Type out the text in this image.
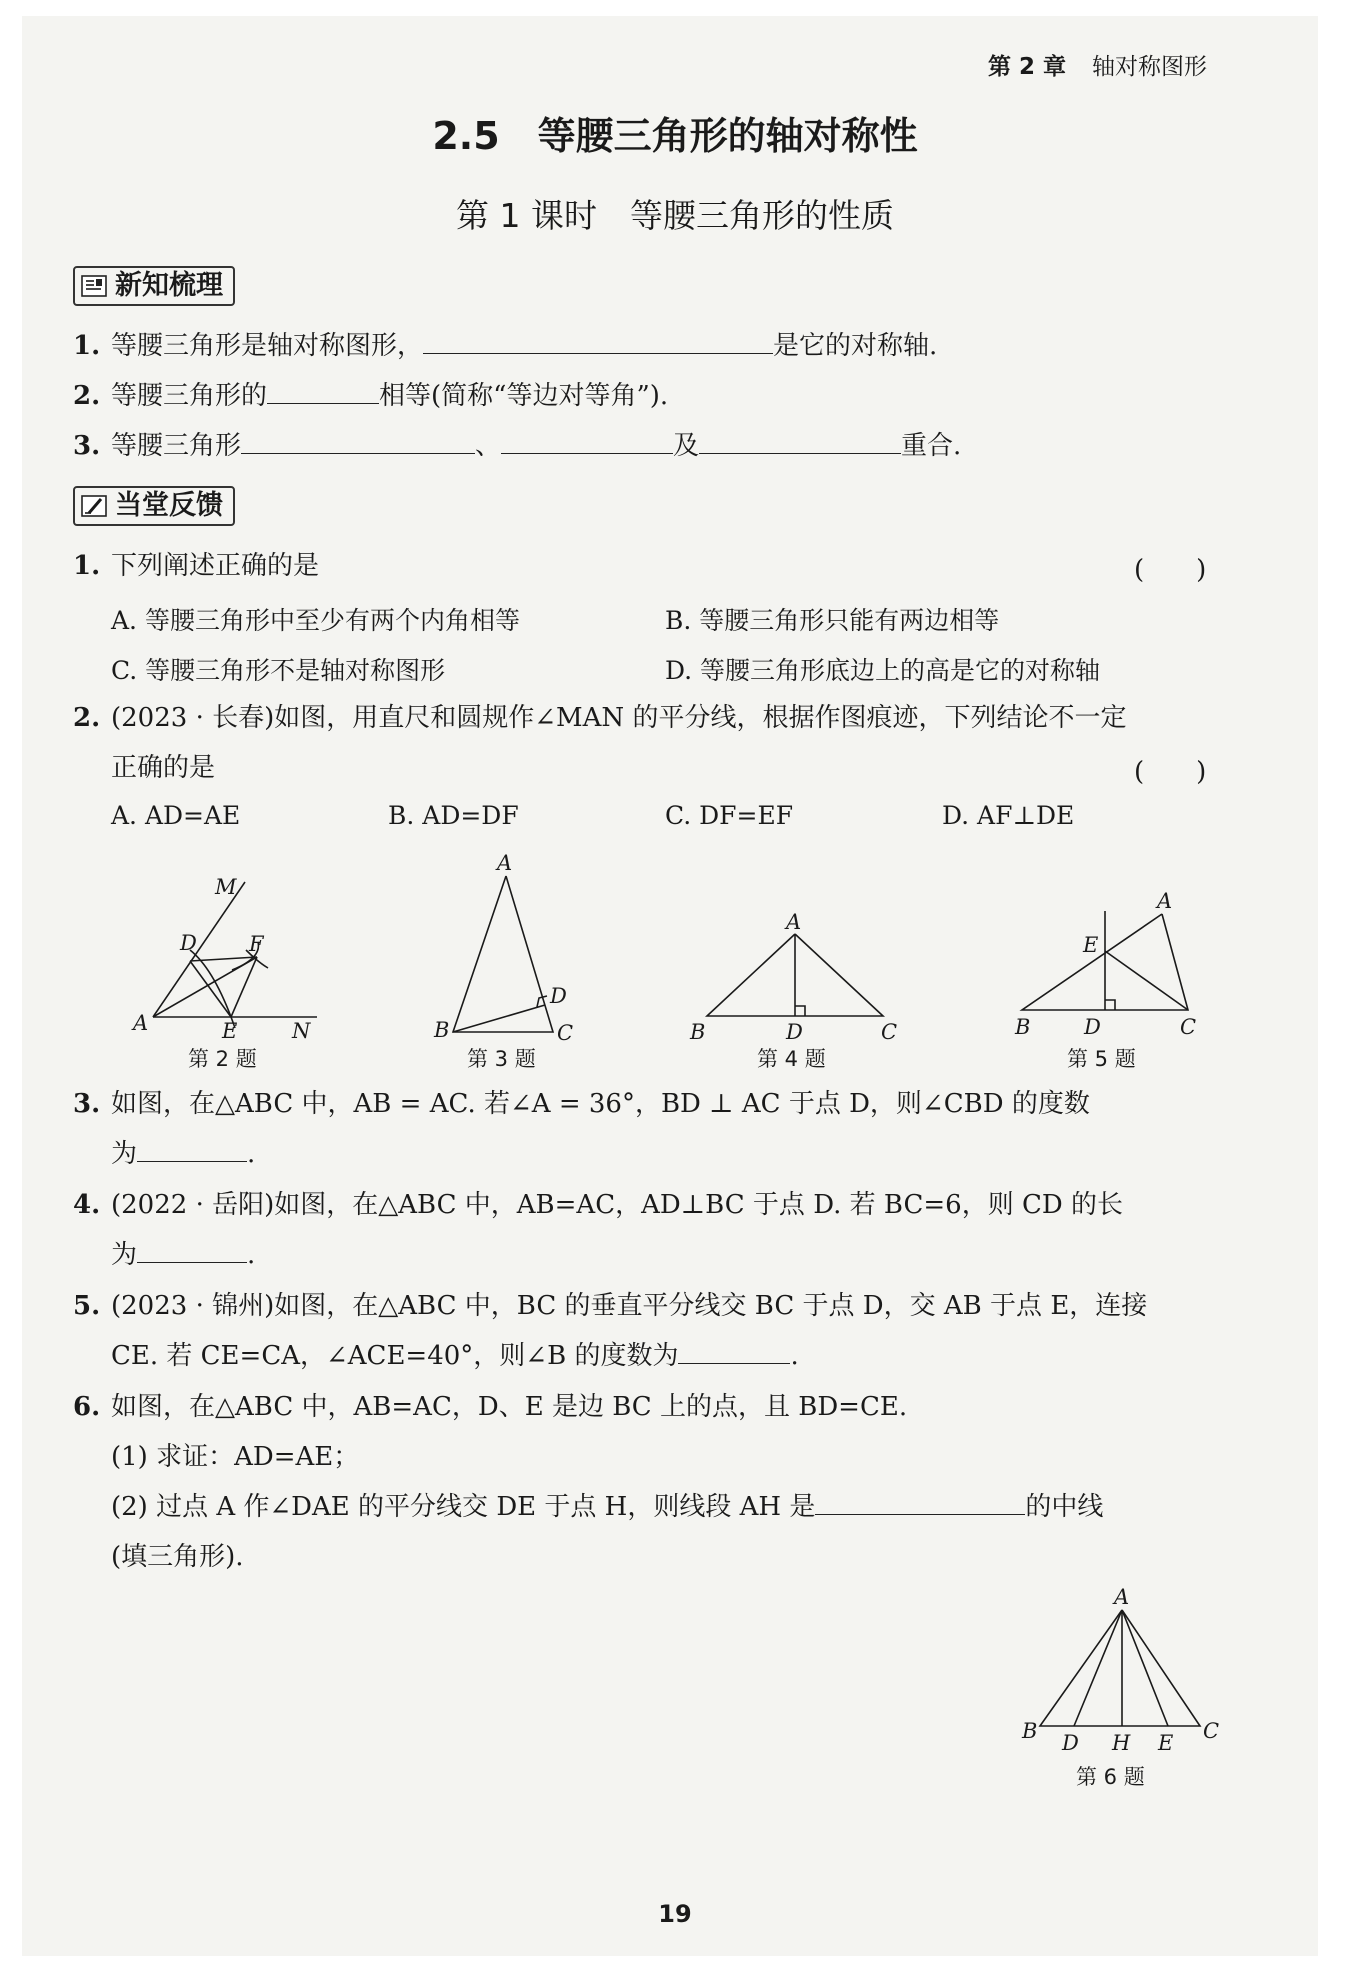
第 2 章 轴对称图形
2.5　等腰三角形的轴对称性
第 1 课时　等腰三角形的性质
新知梳理
1. 等腰三角形是轴对称图形，	是它的对称轴.
2. 等腰三角形的	相等(简称“等边对等角”).
3. 等腰三角形	、	及	重合.
当堂反馈
1. 下列阐述正确的是	(　　)
A. 等腰三角形中至少有两个内角相等	B. 等腰三角形只能有两边相等
C. 等腰三角形不是轴对称图形	D. 等腰三角形底边上的高是它的对称轴
2. (2023 · 长春)如图，用直尺和圆规作∠MAN 的平分线，根据作图痕迹，下列结论不一定
正确的是	(　　)
A. AD=AE	B. AD=DF	C. DF=EF	D. AF⊥DE
M
D F
A	E	N
第 2 题
A
B	C
D
第 3 题
A
B	D	C
第 4 题
A
E
B	D	C
第 5 题
3. 如图，在△ABC 中，AB = AC. 若∠A = 36°，BD ⊥ AC 于点 D，则∠CBD 的度数
为	.
4. (2022 · 岳阳)如图，在△ABC 中，AB=AC，AD⊥BC 于点 D. 若 BC=6，则 CD 的长
为	.
5. (2023 · 锦州)如图，在△ABC 中，BC 的垂直平分线交 BC 于点 D，交 AB 于点 E，连接
CE. 若 CE=CA，∠ACE=40°，则∠B 的度数为	.
6. 如图，在△ABC 中，AB=AC，D、E 是边 BC 上的点，且 BD=CE.
(1) 求证：AD=AE；
(2) 过点 A 作∠DAE 的平分线交 DE 于点 H，则线段 AH 是	的中线
(填三角形).
A
B D H E C
第 6 题
19
